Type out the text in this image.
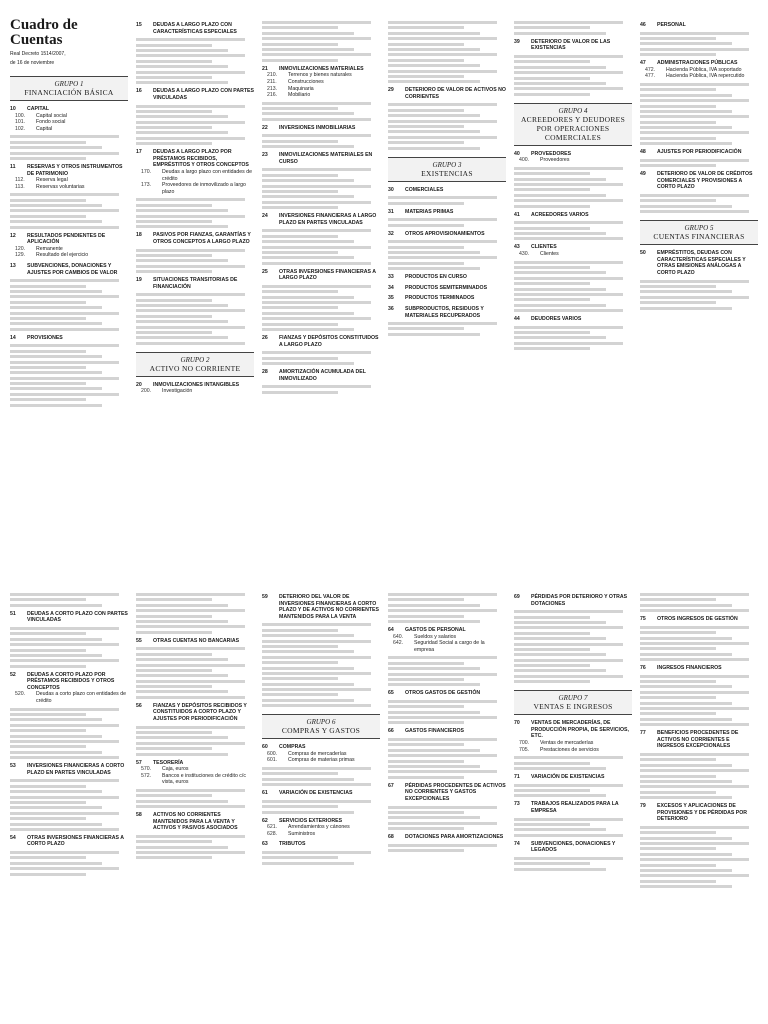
Cuadro de
Cuentas
Real Decreto 1514/2007,
de 16 de noviembre
GRUPO 1
FINANCIACIÓN BÁSICA
10	CAPITAL
100.	Capital social
101.	Fondo social
102.	Capital
11	RESERVAS Y OTROS INSTRUMENTOS DE PATRIMONIO
112.	Reserva legal
113.	Reservas voluntarias
12	RESULTADOS PENDIENTES DE APLICACIÓN
120.	Remanente
129.	Resultado del ejercicio
13	SUBVENCIONES, DONACIONES Y AJUSTES POR CAMBIOS DE VALOR
14	PROVISIONES
15	DEUDAS A LARGO PLAZO CON CARACTERÍSTICAS ESPECIALES
16	DEUDAS A LARGO PLAZO CON PARTES VINCULADAS
17	DEUDAS A LARGO PLAZO POR PRÉSTAMOS RECIBIDOS, EMPRÉSTITOS Y OTROS CONCEPTOS
170.	Deudas a largo plazo con entidades de crédito
173.	Proveedores de inmovilizado a largo plazo
18	PASIVOS POR FIANZAS, GARANTÍAS Y OTROS CONCEPTOS A LARGO PLAZO
19	SITUACIONES TRANSITORIAS DE FINANCIACIÓN
GRUPO 2
ACTIVO NO CORRIENTE
20	INMOVILIZACIONES INTANGIBLES
200.	Investigación
21	INMOVILIZACIONES MATERIALES
210.	Terrenos y bienes naturales
211.	Construcciones
213.	Maquinaria
216.	Mobiliario
22	INVERSIONES INMOBILIARIAS
23	INMOVILIZACIONES MATERIALES EN CURSO
24	INVERSIONES FINANCIERAS A LARGO PLAZO EN PARTES VINCULADAS
25	OTRAS INVERSIONES FINANCIERAS A LARGO PLAZO
26	FIANZAS Y DEPÓSITOS CONSTITUIDOS A LARGO PLAZO
28	AMORTIZACIÓN ACUMULADA DEL INMOVILIZADO
29	DETERIORO DE VALOR DE ACTIVOS NO CORRIENTES
GRUPO 3
EXISTENCIAS
30	COMERCIALES
31	MATERIAS PRIMAS
32	OTROS APROVISIONAMIENTOS
33	PRODUCTOS EN CURSO
34	PRODUCTOS SEMITERMINADOS
35	PRODUCTOS TERMINADOS
36	SUBPRODUCTOS, RESIDUOS Y MATERIALES RECUPERADOS
39	DETERIORO DE VALOR DE LAS EXISTENCIAS
GRUPO 4
ACREEDORES Y DEUDORES POR OPERACIONES COMERCIALES
40	PROVEEDORES
400.	Proveedores
41	ACREEDORES VARIOS
43	CLIENTES
430.	Clientes
44	DEUDORES VARIOS
46	PERSONAL
47	ADMINISTRACIONES PÚBLICAS
472.	Hacienda Pública, IVA soportado
477.	Hacienda Pública, IVA repercutido
48	AJUSTES POR PERIODIFICACIÓN
49	DETERIORO DE VALOR DE CRÉDITOS COMERCIALES Y PROVISIONES A CORTO PLAZO
GRUPO 5
CUENTAS FINANCIERAS
50	EMPRÉSTITOS, DEUDAS CON CARACTERÍSTICAS ESPECIALES Y OTRAS EMISIONES ANÁLOGAS A CORTO PLAZO
51	DEUDAS A CORTO PLAZO CON PARTES VINCULADAS
52	DEUDAS A CORTO PLAZO POR PRÉSTAMOS RECIBIDOS Y OTROS CONCEPTOS
520.	Deudas a corto plazo con entidades de crédito
53	INVERSIONES FINANCIERAS A CORTO PLAZO EN PARTES VINCULADAS
54	OTRAS INVERSIONES FINANCIERAS A CORTO PLAZO
55	OTRAS CUENTAS NO BANCARIAS
56	FIANZAS Y DEPÓSITOS RECIBIDOS Y CONSTITUIDOS A CORTO PLAZO Y AJUSTES POR PERIODIFICACIÓN
57	TESORERÍA
570.	Caja, euros
572.	Bancos e instituciones de crédito c/c vista, euros
58	ACTIVOS NO CORRIENTES MANTENIDOS PARA LA VENTA Y ACTIVOS Y PASIVOS ASOCIADOS
59	DETERIORO DEL VALOR DE INVERSIONES FINANCIERAS A CORTO PLAZO Y DE ACTIVOS NO CORRIENTES MANTENIDOS PARA LA VENTA
GRUPO 6
COMPRAS Y GASTOS
60	COMPRAS
600.	Compras de mercaderías
601.	Compras de materias primas
61	VARIACIÓN DE EXISTENCIAS
62	SERVICIOS EXTERIORES
621.	Arrendamientos y cánones
628.	Suministros
63	TRIBUTOS
64	GASTOS DE PERSONAL
640.	Sueldos y salarios
642.	Seguridad Social a cargo de la empresa
65	OTROS GASTOS DE GESTIÓN
66	GASTOS FINANCIEROS
67	PÉRDIDAS PROCEDENTES DE ACTIVOS NO CORRIENTES Y GASTOS EXCEPCIONALES
68	DOTACIONES PARA AMORTIZACIONES
69	PÉRDIDAS POR DETERIORO Y OTRAS DOTACIONES
GRUPO 7
VENTAS E INGRESOS
70	VENTAS DE MERCADERÍAS, DE PRODUCCIÓN PROPIA, DE SERVICIOS, ETC.
700.	Ventas de mercaderías
705.	Prestaciones de servicios
71	VARIACIÓN DE EXISTENCIAS
73	TRABAJOS REALIZADOS PARA LA EMPRESA
74	SUBVENCIONES, DONACIONES Y LEGADOS
75	OTROS INGRESOS DE GESTIÓN
76	INGRESOS FINANCIEROS
77	BENEFICIOS PROCEDENTES DE ACTIVOS NO CORRIENTES E INGRESOS EXCEPCIONALES
79	EXCESOS Y APLICACIONES DE PROVISIONES Y DE PÉRDIDAS POR DETERIORO
